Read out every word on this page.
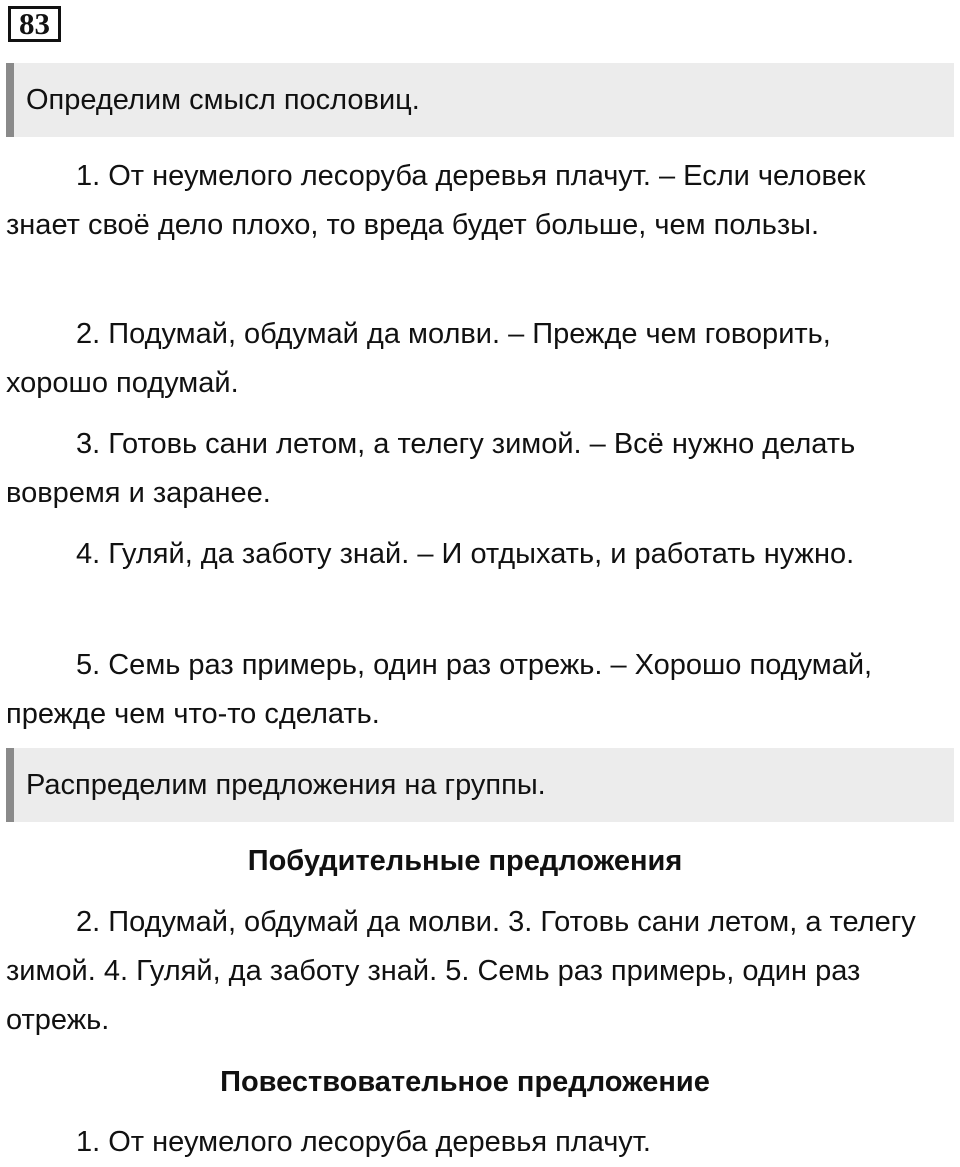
83
Определим смысл пословиц.

1. От неумелого лесоруба деревья плачут. – Если человек знает своё дело плохо, то вреда будет больше, чем пользы.

2. Подумай, обдумай да молви. – Прежде чем говорить, хорошо подумай.

3. Готовь сани летом, а телегу зимой. – Всё нужно делать вовремя и заранее.

4. Гуляй, да заботу знай. – И отдыхать, и работать нужно.

5. Семь раз примерь, один раз отрежь. – Хорошо подумай, прежде чем что-то сделать.

Распределим предложения на группы.
Побудительные предложения

2. Подумай, обдумай да молви. 3. Готовь сани летом, а телегу зимой. 4. Гуляй, да заботу знай. 5. Семь раз примерь, один раз отрежь.

Повествовательное предложение

1. От неумелого лесоруба деревья плачут.
